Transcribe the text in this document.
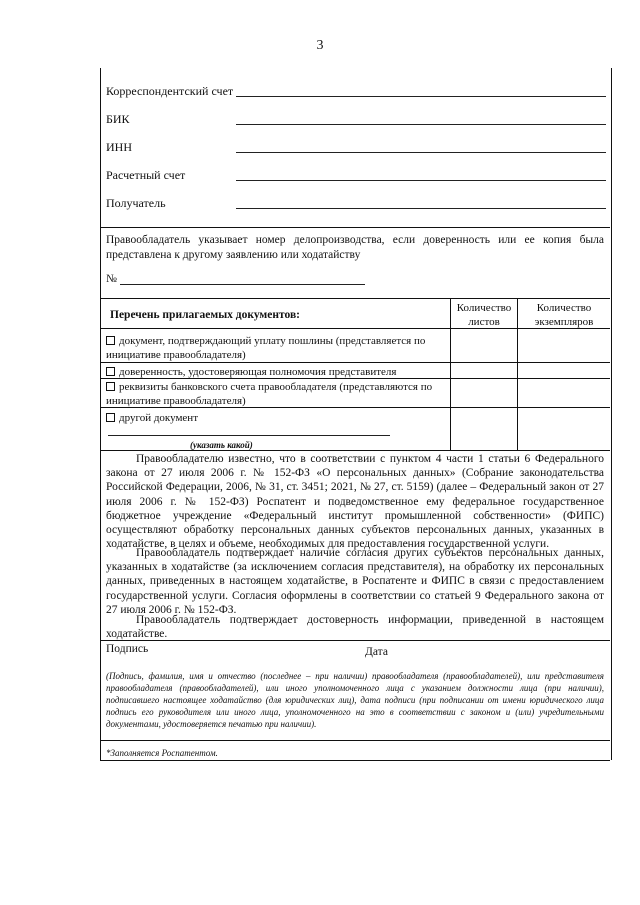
3
Корреспондентский счет
БИК
ИНН
Расчетный счет
Получатель
Правообладатель указывает номер делопроизводства, если доверенность или ее копия была представлена к другому заявлению или ходатайству
№
Перечень прилагаемых документов:
Количество листов
Количество экземпляров
документ, подтверждающий уплату пошлины (представляется по инициативе правообладателя)
доверенность, удостоверяющая полномочия представителя
реквизиты банковского счета правообладателя (представляются по инициативе правообладателя)
другой документ
(указать какой)
Правообладателю известно, что в соответствии с пунктом 4 части 1 статьи 6 Федерального закона от 27 июля 2006 г. № 152-ФЗ «О персональных данных» (Собрание законодательства Российской Федерации, 2006, № 31, ст. 3451; 2021, № 27, ст. 5159) (далее – Федеральный закон от 27 июля 2006 г. № 152-ФЗ) Роспатент и подведомственное ему федеральное государственное бюджетное учреждение «Федеральный институт промышленной собственности» (ФИПС) осуществляют обработку персональных данных субъектов персональных данных, указанных в ходатайстве, в целях и объеме, необходимых для предоставления государственной услуги.
Правообладатель подтверждает наличие согласия других субъектов персональных данных, указанных в ходатайстве (за исключением согласия представителя), на обработку их персональных данных, приведенных в настоящем ходатайстве, в Роспатенте и ФИПС в связи с предоставлением государственной услуги. Согласия оформлены в соответствии со статьей 9 Федерального закона от 27 июля 2006 г. № 152-ФЗ.
Правообладатель подтверждает достоверность информации, приведенной в настоящем ходатайстве.
Подпись	Дата
(Подпись, фамилия, имя и отчество (последнее – при наличии) правообладателя (правообладателей), или представителя правообладателя (правообладателей), или иного уполномоченного лица с указанием должности лица (при наличии), подписавшего настоящее ходатайство (для юридических лиц), дата подписи (при подписании от имени юридического лица подпись его руководителя или иного лица, уполномоченного на это в соответствии с законом и (или) учредительными документами, удостоверяется печатью при наличии).
*Заполняется Роспатентом.
